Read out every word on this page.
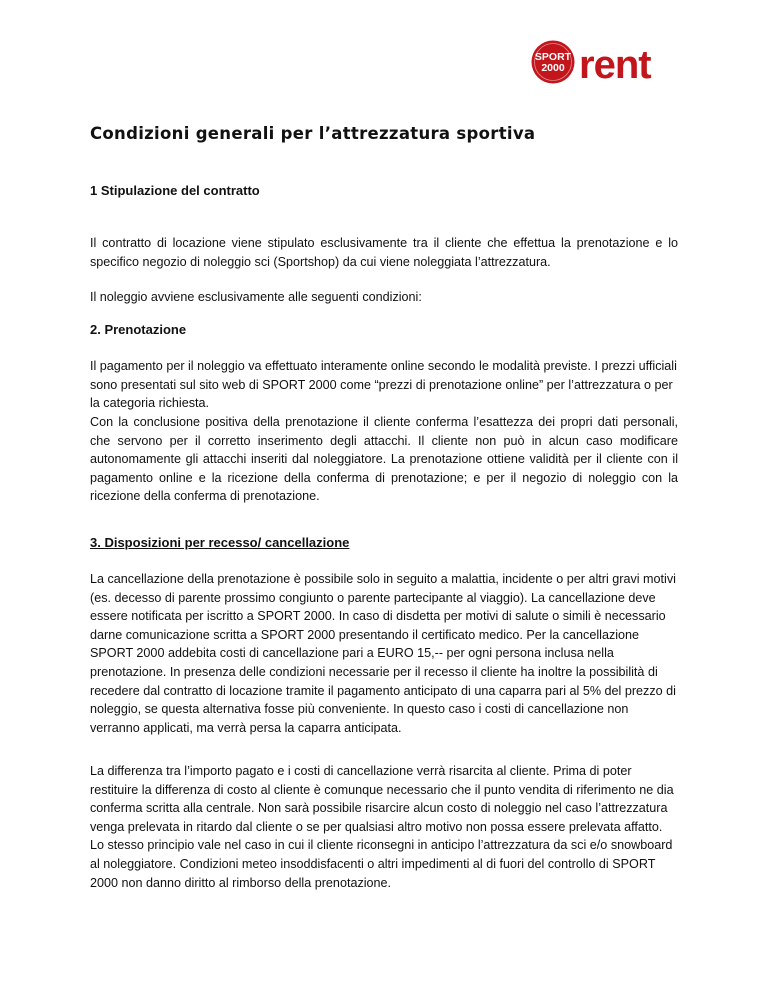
SPORT
2000 rent
Condizioni generali per l’attrezzatura sportiva
1 Stipulazione del contratto

Il contratto di locazione viene stipulato esclusivamente tra il cliente che effettua la prenotazione e lo specifico negozio di noleggio sci (Sportshop) da cui viene noleggiata l’attrezzatura.

Il noleggio avviene esclusivamente alle seguenti condizioni:

2. Prenotazione

Il pagamento per il noleggio va effettuato interamente online secondo le modalità previste. I prezzi ufficiali sono presentati sul sito web di SPORT 2000 come “prezzi di prenotazione online” per l’attrezzatura o per la categoria richiesta.

Con la conclusione positiva della prenotazione il cliente conferma l’esattezza dei propri dati personali, che servono per il corretto inserimento degli attacchi. Il cliente non può in alcun caso modificare autonomamente gli attacchi inseriti dal noleggiatore. La prenotazione ottiene validità per il cliente con il pagamento online e la ricezione della conferma di prenotazione; e per il negozio di noleggio con la ricezione della conferma di prenotazione.

3. Disposizioni per recesso/ cancellazione

La cancellazione della prenotazione è possibile solo in seguito a malattia, incidente o per altri gravi motivi (es. decesso di parente prossimo congiunto o parente partecipante al viaggio). La cancellazione deve essere notificata per iscritto a SPORT 2000. In caso di disdetta per motivi di salute o simili è necessario darne comunicazione scritta a SPORT 2000 presentando il certificato medico. Per la cancellazione SPORT 2000 addebita costi di cancellazione pari a EURO 15,-- per ogni persona inclusa nella prenotazione. In presenza delle condizioni necessarie per il recesso il cliente ha inoltre la possibilità di recedere dal contratto di locazione tramite il pagamento anticipato di una caparra pari al 5% del prezzo di noleggio, se questa alternativa fosse più conveniente. In questo caso i costi di cancellazione non verranno applicati, ma verrà persa la caparra anticipata.

La differenza tra l’importo pagato e i costi di cancellazione verrà risarcita al cliente. Prima di poter restituire la differenza di costo al cliente è comunque necessario che il punto vendita di riferimento ne dia conferma scritta alla centrale. Non sarà possibile risarcire alcun costo di noleggio nel caso l’attrezzatura venga prelevata in ritardo dal cliente o se per qualsiasi altro motivo non possa essere prelevata affatto. Lo stesso principio vale nel caso in cui il cliente riconsegni in anticipo l’attrezzatura da sci e/o snowboard al noleggiatore. Condizioni meteo insoddisfacenti o altri impedimenti al di fuori del controllo di SPORT 2000 non danno diritto al rimborso della prenotazione.
